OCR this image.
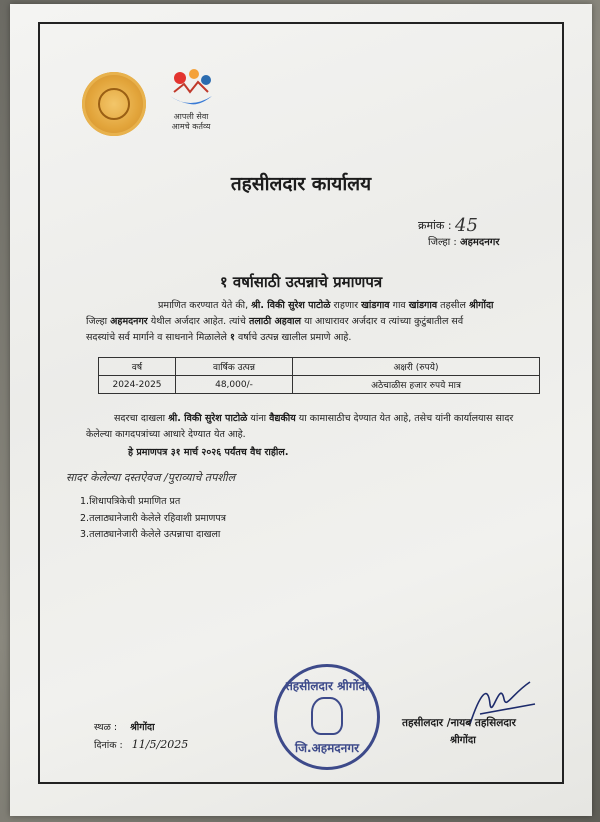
आपली सेवा
आमचे कर्तव्य
तहसीलदार कार्यालय
क्रमांक : 45
जिल्हा : अहमदनगर
१ वर्षासाठी उत्पन्नाचे प्रमाणपत्र
प्रमाणित करण्यात येते की, श्री. विकी सुरेश पाटोळे राहणार खांडगाव गाव खांडगाव तहसील श्रीगोंदा
जिल्हा अहमदनगर येथील अर्जदार आहेत. त्यांचे तलाठी अहवाल या आधारावर अर्जदार व त्यांच्या कुटुंबातील सर्व
सदस्यांचे सर्व मार्गाने व साधनाने मिळालेले १ वर्षाचे उत्पन्न खालील प्रमाणे आहे.
वर्ष	वार्षिक उत्पन्न	अक्षरी (रुपये)
2024-2025	48,000/-	अठेचाळीस हजार रुपये मात्र
सदरचा दाखला श्री. विकी सुरेश पाटोळे यांना वैद्यकीय या कामासाठीच देण्यात येत आहे, तसेच यांनी कार्यालयास सादर
केलेल्या कागदपत्रांच्या आधारे देण्यात येत आहे.
हे प्रमाणपत्र ३१ मार्च २०२६ पर्यंतच वैध राहील.
सादर केलेल्या दस्तऐवज /पुराव्याचे तपशील
1.शिधापत्रिकेची प्रमाणित प्रत
2.तलाठ्यानेजारी केलेले रहिवाशी प्रमाणपत्र
3.तलाठ्यानेजारी केलेले उत्पन्नाचा दाखला
स्थळ : श्रीगोंदा
दिनांक : 11/5/2025
तहसीलदार श्रीगोंदा
जि.अहमदनगर
तहसीलदार /नायब तहसिलदार
श्रीगोंदा
